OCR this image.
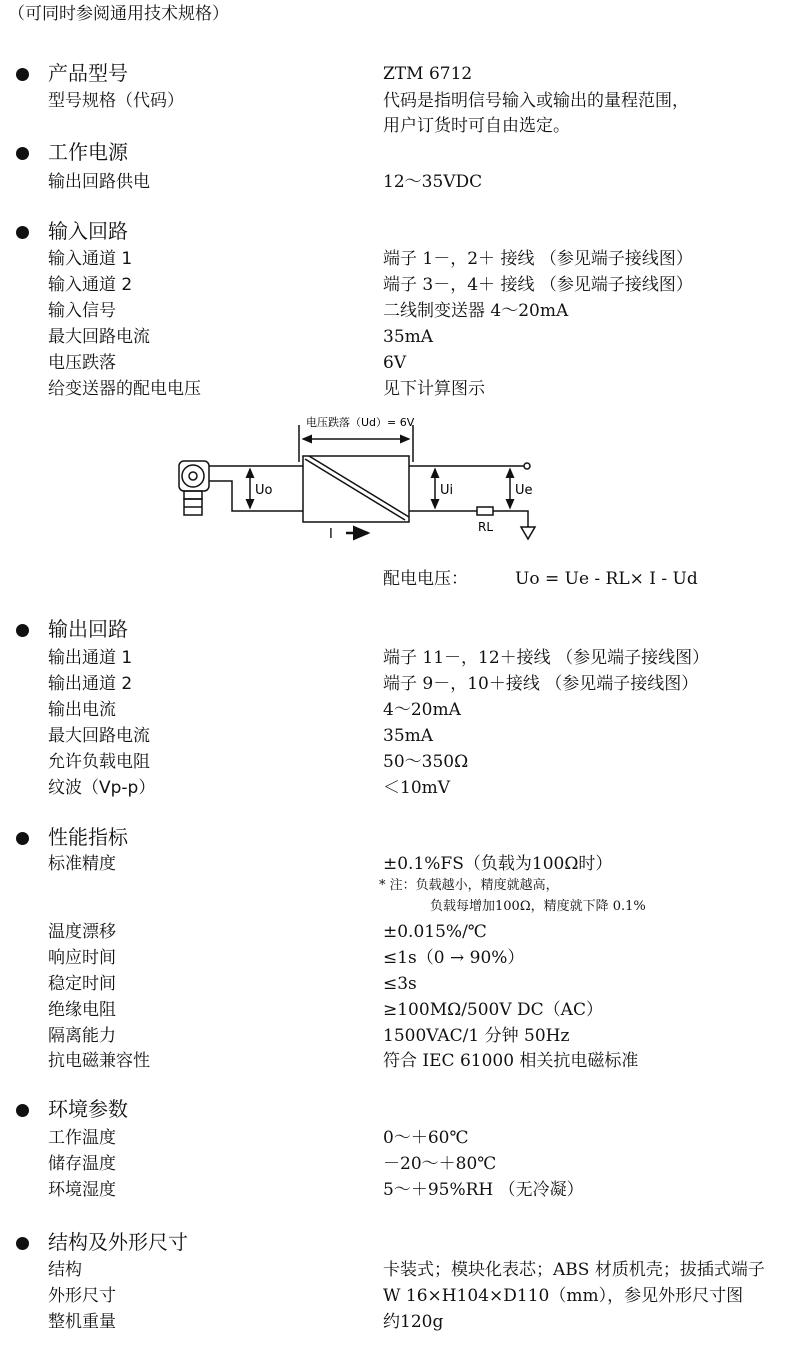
（可同时参阅通用技术规格）
产品型号	ZTM 6712
型号规格（代码）	代码是指明信号输入或输出的量程范围，
用户订货时可自由选定。
工作电源
输出回路供电	12～35VDC
输入回路
输入通道 1	端子 1－，2＋ 接线 （参见端子接线图）
输入通道 2	端子 3－，4＋ 接线 （参见端子接线图）
输入信号	二线制变送器 4～20mA
最大回路电流	35mA
电压跌落	6V
给变送器的配电电压	见下计算图示
电压跌落（Ud）= 6V
Uo	Ui	Ue
RL
I
配电电压：	Uo = Ue - RL× I - Ud
输出回路
输出通道 1	端子 11－，12＋接线 （参见端子接线图）
输出通道 2	端子 9－，10＋接线 （参见端子接线图）
输出电流	4～20mA
最大回路电流	35mA
允许负载电阻	50～350Ω
纹波（Vp-p）	＜10mV
性能指标
标准精度	±0.1%FS（负载为100Ω时）
* 注：负载越小，精度就越高，
负载每增加100Ω，精度就下降 0.1%
温度漂移	±0.015%/℃
响应时间	≤1s（0 → 90%）
稳定时间	≤3s
绝缘电阻	≥100MΩ/500V DC（AC）
隔离能力	1500VAC/1 分钟 50Hz
抗电磁兼容性	符合 IEC 61000 相关抗电磁标准
环境参数
工作温度	0～＋60℃
储存温度	－20～＋80℃
环境湿度	5～＋95%RH （无冷凝）
结构及外形尺寸
结构	卡装式；模块化表芯；ABS 材质机壳；拔插式端子
外形尺寸	W 16×H104×D110（mm），参见外形尺寸图
整机重量	约120g
